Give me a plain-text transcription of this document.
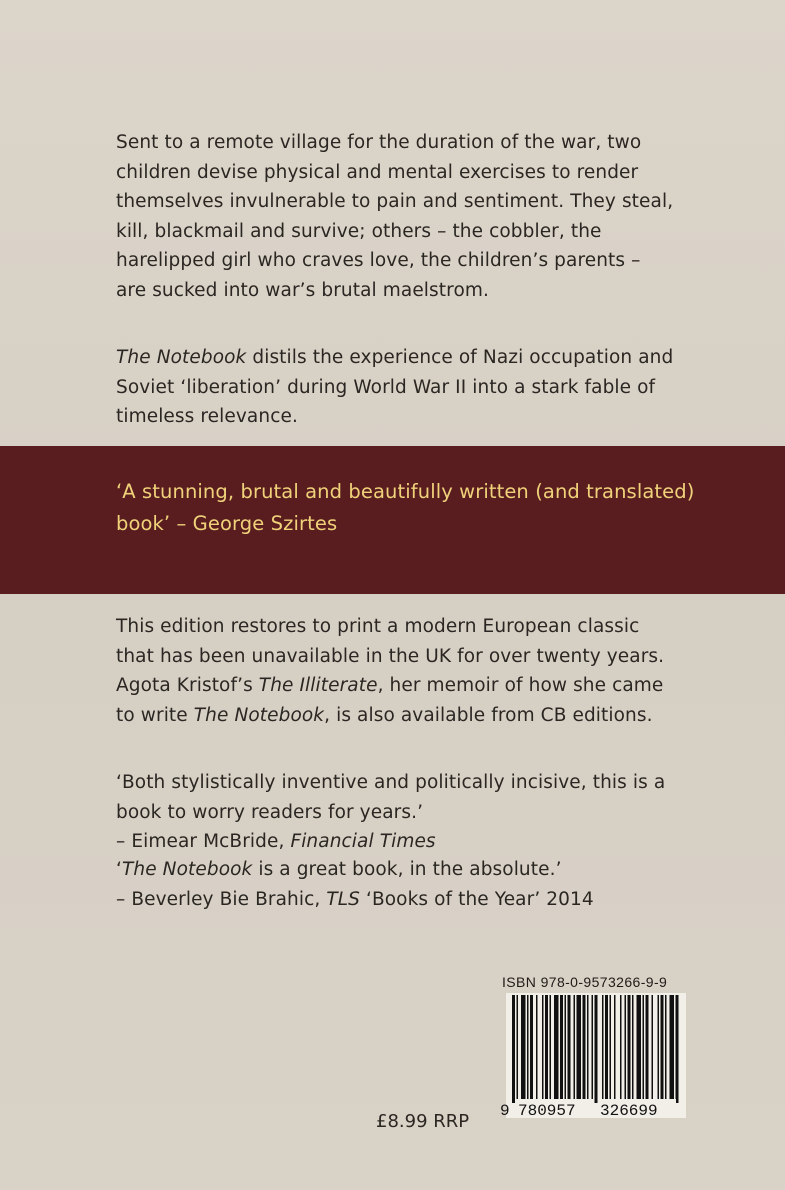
Sent to a remote village for the duration of the war, two children devise physical and mental exercises to render themselves invulnerable to pain and sentiment. They steal, kill, blackmail and survive; others – the cobbler, the harelipped girl who craves love, the children’s parents – are sucked into war’s brutal maelstrom.

The Notebook distils the experience of Nazi occupation and Soviet ‘liberation’ during World War II into a stark fable of timeless relevance.

‘A stunning, brutal and beautifully written (and translated) book’ – George Szirtes

This edition restores to print a modern European classic that has been unavailable in the UK for over twenty years. Agota Kristof’s The Illiterate, her memoir of how she came to write The Notebook, is also available from CB editions.

‘Both stylistically inventive and politically incisive, this is a book to worry readers for years.’

– Eimear McBride, Financial Times

‘The Notebook is a great book, in the absolute.’

– Beverley Bie Brahic, TLS ‘Books of the Year’ 2014

ISBN 978-0-9573266-9-9
9 780957 326699
£8.99 RRP
